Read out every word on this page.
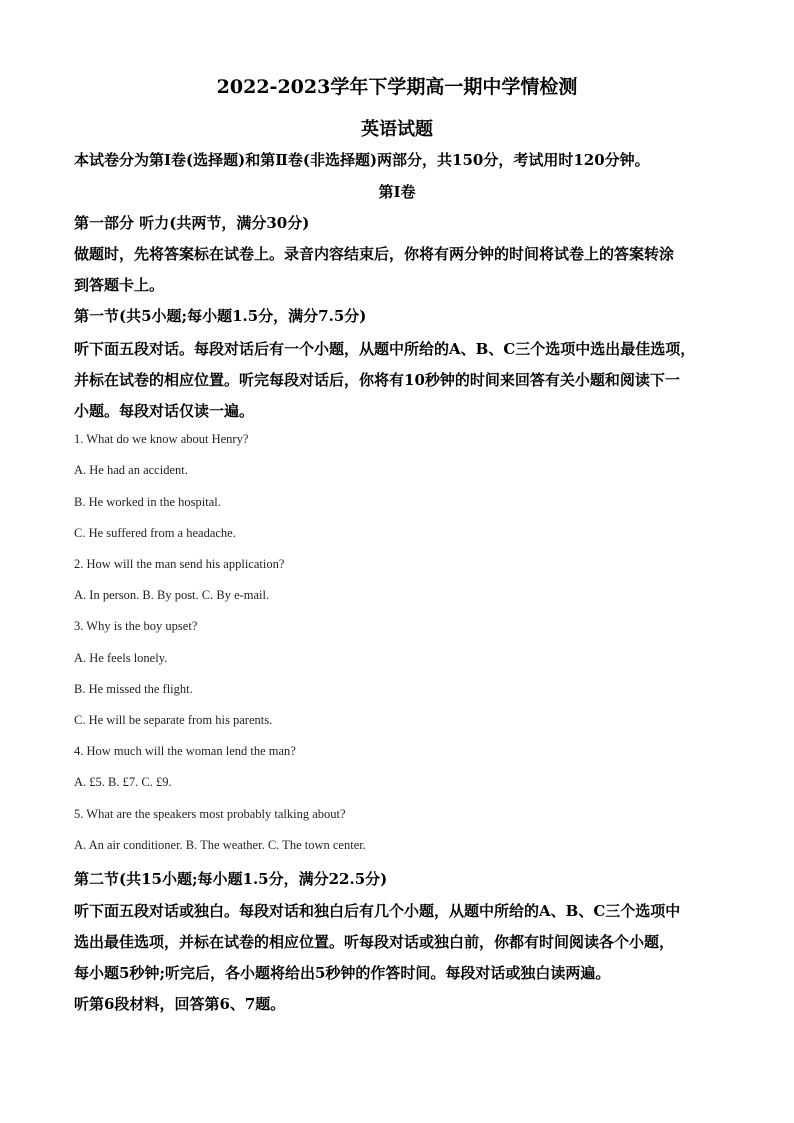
2022-2023学年下学期高一期中学情检测
英语试题
本试卷分为第Ⅰ卷(选择题)和第Ⅱ卷(非选择题)两部分，共150分，考试用时120分钟。
第Ⅰ卷
第一部分 听力(共两节，满分30分)
做题时，先将答案标在试卷上。录音内容结束后，你将有两分钟的时间将试卷上的答案转涂
到答题卡上。
第一节(共5小题;每小题1.5分，满分7.5分)
听下面五段对话。每段对话后有一个小题，从题中所给的A、B、C三个选项中选出最佳选项，
并标在试卷的相应位置。听完每段对话后，你将有10秒钟的时间来回答有关小题和阅读下一
小题。每段对话仅读一遍。
1. What do we know about Henry?
A. He had an accident.
B. He worked in the hospital.
C. He suffered from a headache.
2. How will the man send his application?
A. In person. B. By post. C. By e-mail.
3. Why is the boy upset?
A. He feels lonely.
B. He missed the flight.
C. He will be separate from his parents.
4. How much will the woman lend the man?
A. £5. B. £7. C. £9.
5. What are the speakers most probably talking about?
A. An air conditioner. B. The weather. C. The town center.
第二节(共15小题;每小题1.5分，满分22.5分)
听下面五段对话或独白。每段对话和独白后有几个小题，从题中所给的A、B、C三个选项中
选出最佳选项，并标在试卷的相应位置。听每段对话或独白前，你都有时间阅读各个小题，
每小题5秒钟;听完后，各小题将给出5秒钟的作答时间。每段对话或独白读两遍。
听第6段材料，回答第6、7题。
